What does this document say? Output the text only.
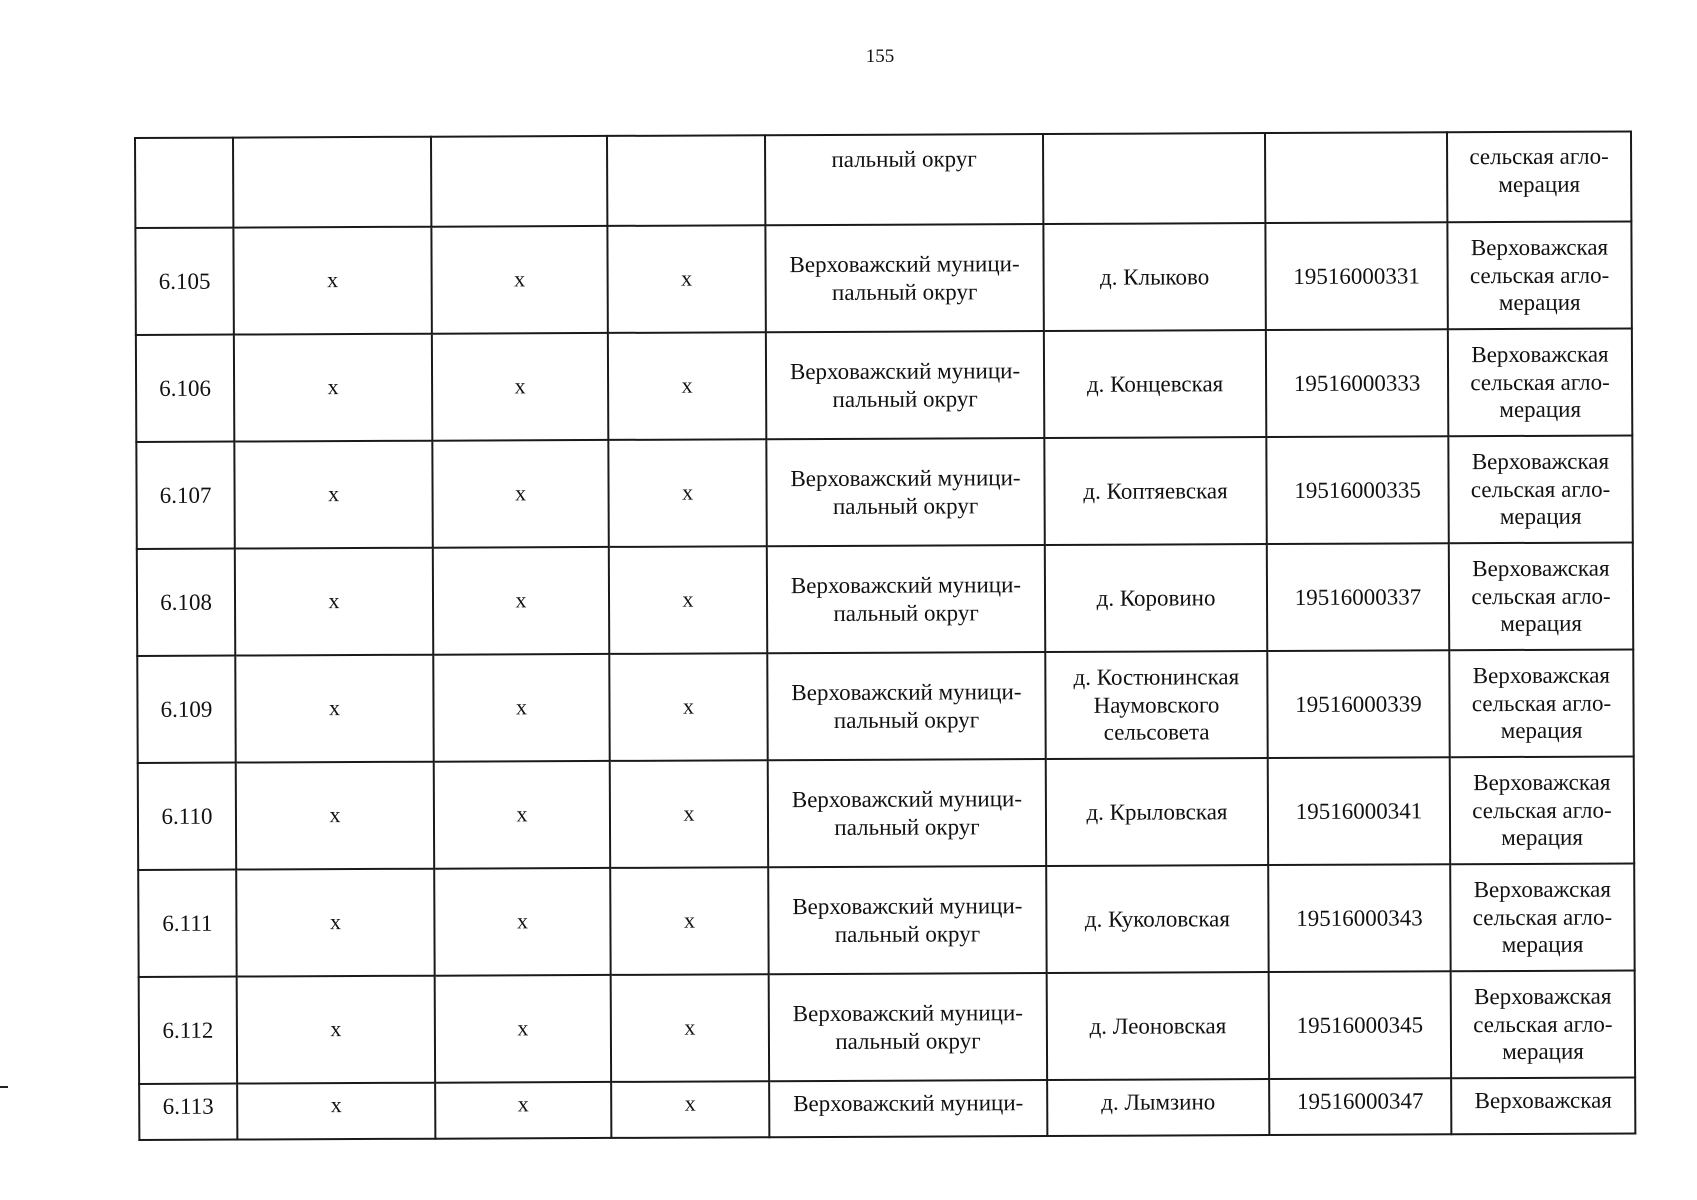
155
				пальный округ			сельская агло-
мерация
6.105	x	x	x	Верховажский муници-
пальный округ	д. Клыково	19516000331	Верховажская
сельская агло-
мерация
6.106	x	x	x	Верховажский муници-
пальный округ	д. Концевская	19516000333	Верховажская
сельская агло-
мерация
6.107	x	x	x	Верховажский муници-
пальный округ	д. Коптяевская	19516000335	Верховажская
сельская агло-
мерация
6.108	x	x	x	Верховажский муници-
пальный округ	д. Коровино	19516000337	Верховажская
сельская агло-
мерация
6.109	x	x	x	Верховажский муници-
пальный округ	д. Костюнинская
Наумовского
сельсовета	19516000339	Верховажская
сельская агло-
мерация
6.110	x	x	x	Верховажский муници-
пальный округ	д. Крыловская	19516000341	Верховажская
сельская агло-
мерация
6.111	x	x	x	Верховажский муници-
пальный округ	д. Куколовская	19516000343	Верховажская
сельская агло-
мерация
6.112	x	x	x	Верховажский муници-
пальный округ	д. Леоновская	19516000345	Верховажская
сельская агло-
мерация
6.113	x	x	x	Верховажский муници-	д. Лымзино	19516000347	Верховажская
